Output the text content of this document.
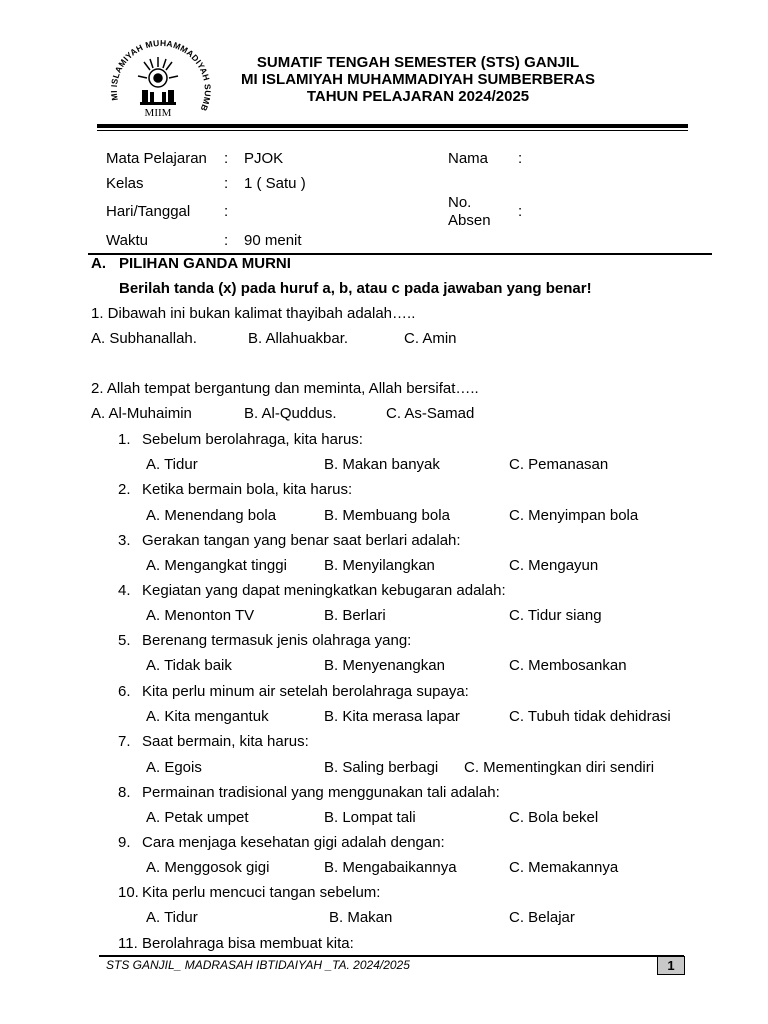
MI ISLAMIYAH MUHAMMADIYAH SUMB
MIIM
SUMATIF TENGAH SEMESTER (STS) GANJIL
MI ISLAMIYAH MUHAMMADIYAH SUMBERBERAS
TAHUN PELAJARAN 2024/2025
Mata Pelajaran : PJOK
Kelas	: 1 ( Satu )
Hari/Tanggal :
Waktu	: 90 menit
Nama :
No.
Absen
:
A. PILIHAN GANDA MURNI
Berilah tanda (x) pada huruf a, b, atau c pada jawaban yang benar!
1. Dibawah ini bukan kalimat thayibah adalah…..
A. Subhanallah.	B. Allahuakbar.	C. Amin
2. Allah tempat bergantung dan meminta, Allah bersifat…..
A. Al-Muhaimin	B. Al-Quddus.	C. As-Samad
1. Sebelum berolahraga, kita harus:
A. Tidur	B. Makan banyak	C. Pemanasan
2. Ketika bermain bola, kita harus:
A. Menendang bola	B. Membuang bola	C. Menyimpan bola
3. Gerakan tangan yang benar saat berlari adalah:
A. Mengangkat tinggi B. Menyilangkan	C. Mengayun
4. Kegiatan yang dapat meningkatkan kebugaran adalah:
A. Menonton TV	B. Berlari	C. Tidur siang
5. Berenang termasuk jenis olahraga yang:
A. Tidak baik	B. Menyenangkan	C. Membosankan
6. Kita perlu minum air setelah berolahraga supaya:
A. Kita mengantuk	B. Kita merasa lapar	C. Tubuh tidak dehidrasi
7. Saat bermain, kita harus:
A. Egois	B. Saling berbagi C. Mementingkan diri sendiri
8. Permainan tradisional yang menggunakan tali adalah:
A. Petak umpet	B. Lompat tali	C. Bola bekel
9. Cara menjaga kesehatan gigi adalah dengan:
A. Menggosok gigi	B. Mengabaikannya	C. Memakannya
10. Kita perlu mencuci tangan sebelum:
A. Tidur	B. Makan	C. Belajar
11. Berolahraga bisa membuat kita:
STS GANJIL_ MADRASAH IBTIDAIYAH _TA. 2024/2025	1
